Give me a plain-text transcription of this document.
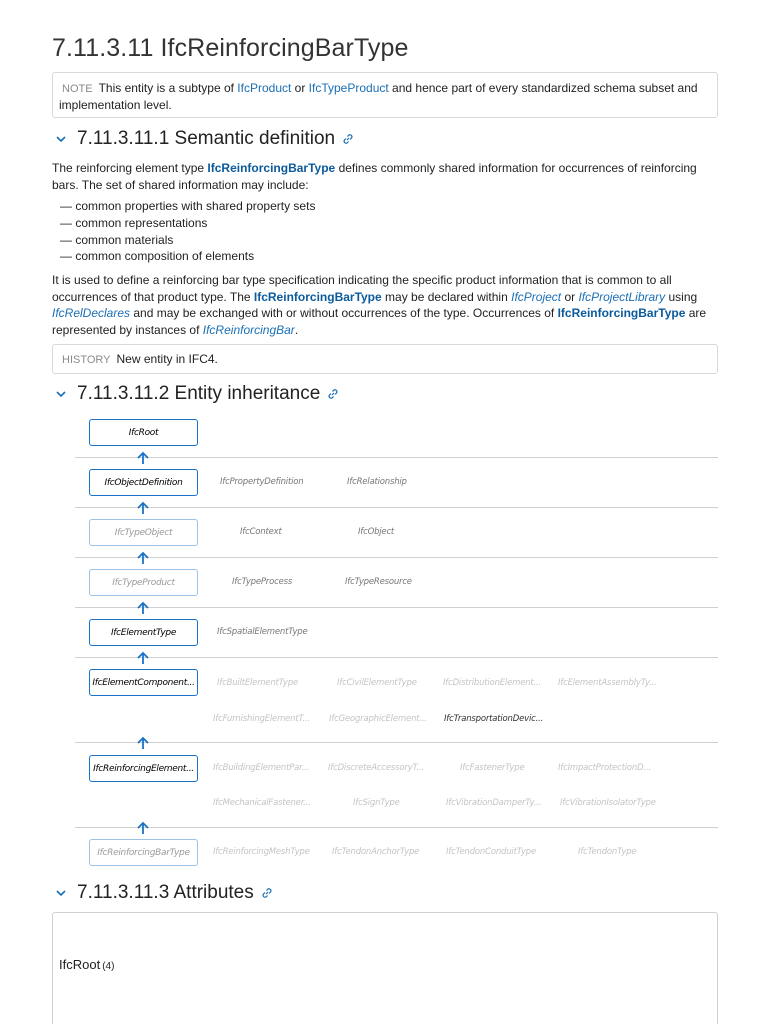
7.11.3.11 IfcReinforcingBarType
NOTE This entity is a subtype of IfcProduct or IfcTypeProduct and hence part of every standardized schema subset and implementation level.
7.11.3.11.1 Semantic definition

The reinforcing element type IfcReinforcingBarType defines commonly shared information for occurrences of reinforcing bars. The set of shared information may include:

— common properties with shared property sets
— common representations
— common materials
— common composition of elements

It is used to define a reinforcing bar type specification indicating the specific product information that is common to all occurrences of that product type. The IfcReinforcingBarType may be declared within IfcProject or IfcProjectLibrary using IfcRelDeclares and may be exchanged with or without occurrences of the type. Occurrences of IfcReinforcingBarType are represented by instances of IfcReinforcingBar.

HISTORY New entity in IFC4.
7.11.3.11.2 Entity inheritance
IfcRoot
IfcObjectDefinition
IfcTypeObject
IfcTypeProduct
IfcElementType
IfcElementComponent...
IfcReinforcingElement...
IfcReinforcingBarType
IfcPropertyDefinition	IfcRelationship
IfcContext	IfcObject
IfcTypeProcess	IfcTypeResource
IfcSpatialElementType
IfcBuiltElementType	IfcCivilElementType	IfcDistributionElement... IfcElementAssemblyTy...
IfcFurnishingElementT... IfcGeographicElement... IfcTransportationDevic...
IfcBuildingElementPar... IfcDiscreteAccessoryT...	IfcFastenerType	IfcImpactProtectionD...
IfcMechanicalFastener...	IfcSignType	IfcVibrationDamperTy... IfcVibrationIsolatorType
IfcReinforcingMeshType	IfcTendonAnchorType	IfcTendonConduitType	IfcTendonType
7.11.3.11.3 Attributes
IfcRoot (4)
